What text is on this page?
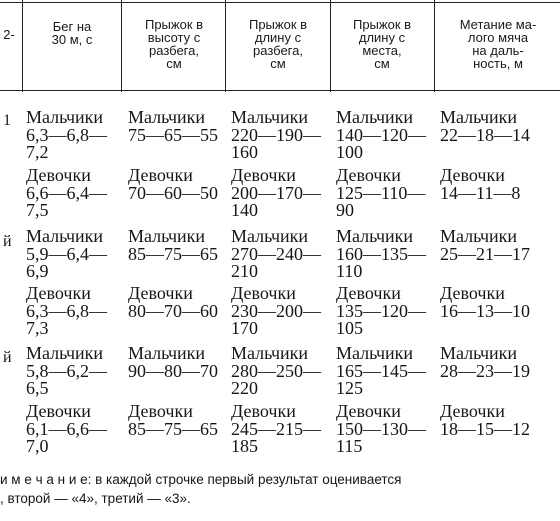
2-
Бег на
30 м, с
Прыжок в
высоту с
разбега,
см
Прыжок в
длину с
разбега,
см
Прыжок в
длину с
места,
см
Метание ма-
лого мяча
на даль-
ность, м
1
й
й
Мальчики
6,3—6,8—
7,2
Мальчики
75—65—55
Мальчики
220—190—
160
Мальчики
140—120—
100
Мальчики
22—18—14
Девочки
6,6—6,4—
7,5
Девочки
70—60—50
Девочки
200—170—
140
Девочки
125—110—
90
Девочки
14—11—8
Мальчики
5,9—6,4—
6,9
Мальчики
85—75—65
Мальчики
270—240—
210
Мальчики
160—135—
110
Мальчики
25—21—17
Девочки
6,3—6,8—
7,3
Девочки
80—70—60
Девочки
230—200—
170
Девочки
135—120—
105
Девочки
16—13—10
Мальчики
5,8—6,2—
6,5
Мальчики
90—80—70
Мальчики
280—250—
220
Мальчики
165—145—
125
Мальчики
28—23—19
Девочки
6,1—6,6—
7,0
Девочки
85—75—65
Девочки
245—215—
185
Девочки
150—130—
115
Девочки
18—15—12
и м е ч а н и е: в каждой строчке первый результат оценивается
, второй — «4», третий — «3».
